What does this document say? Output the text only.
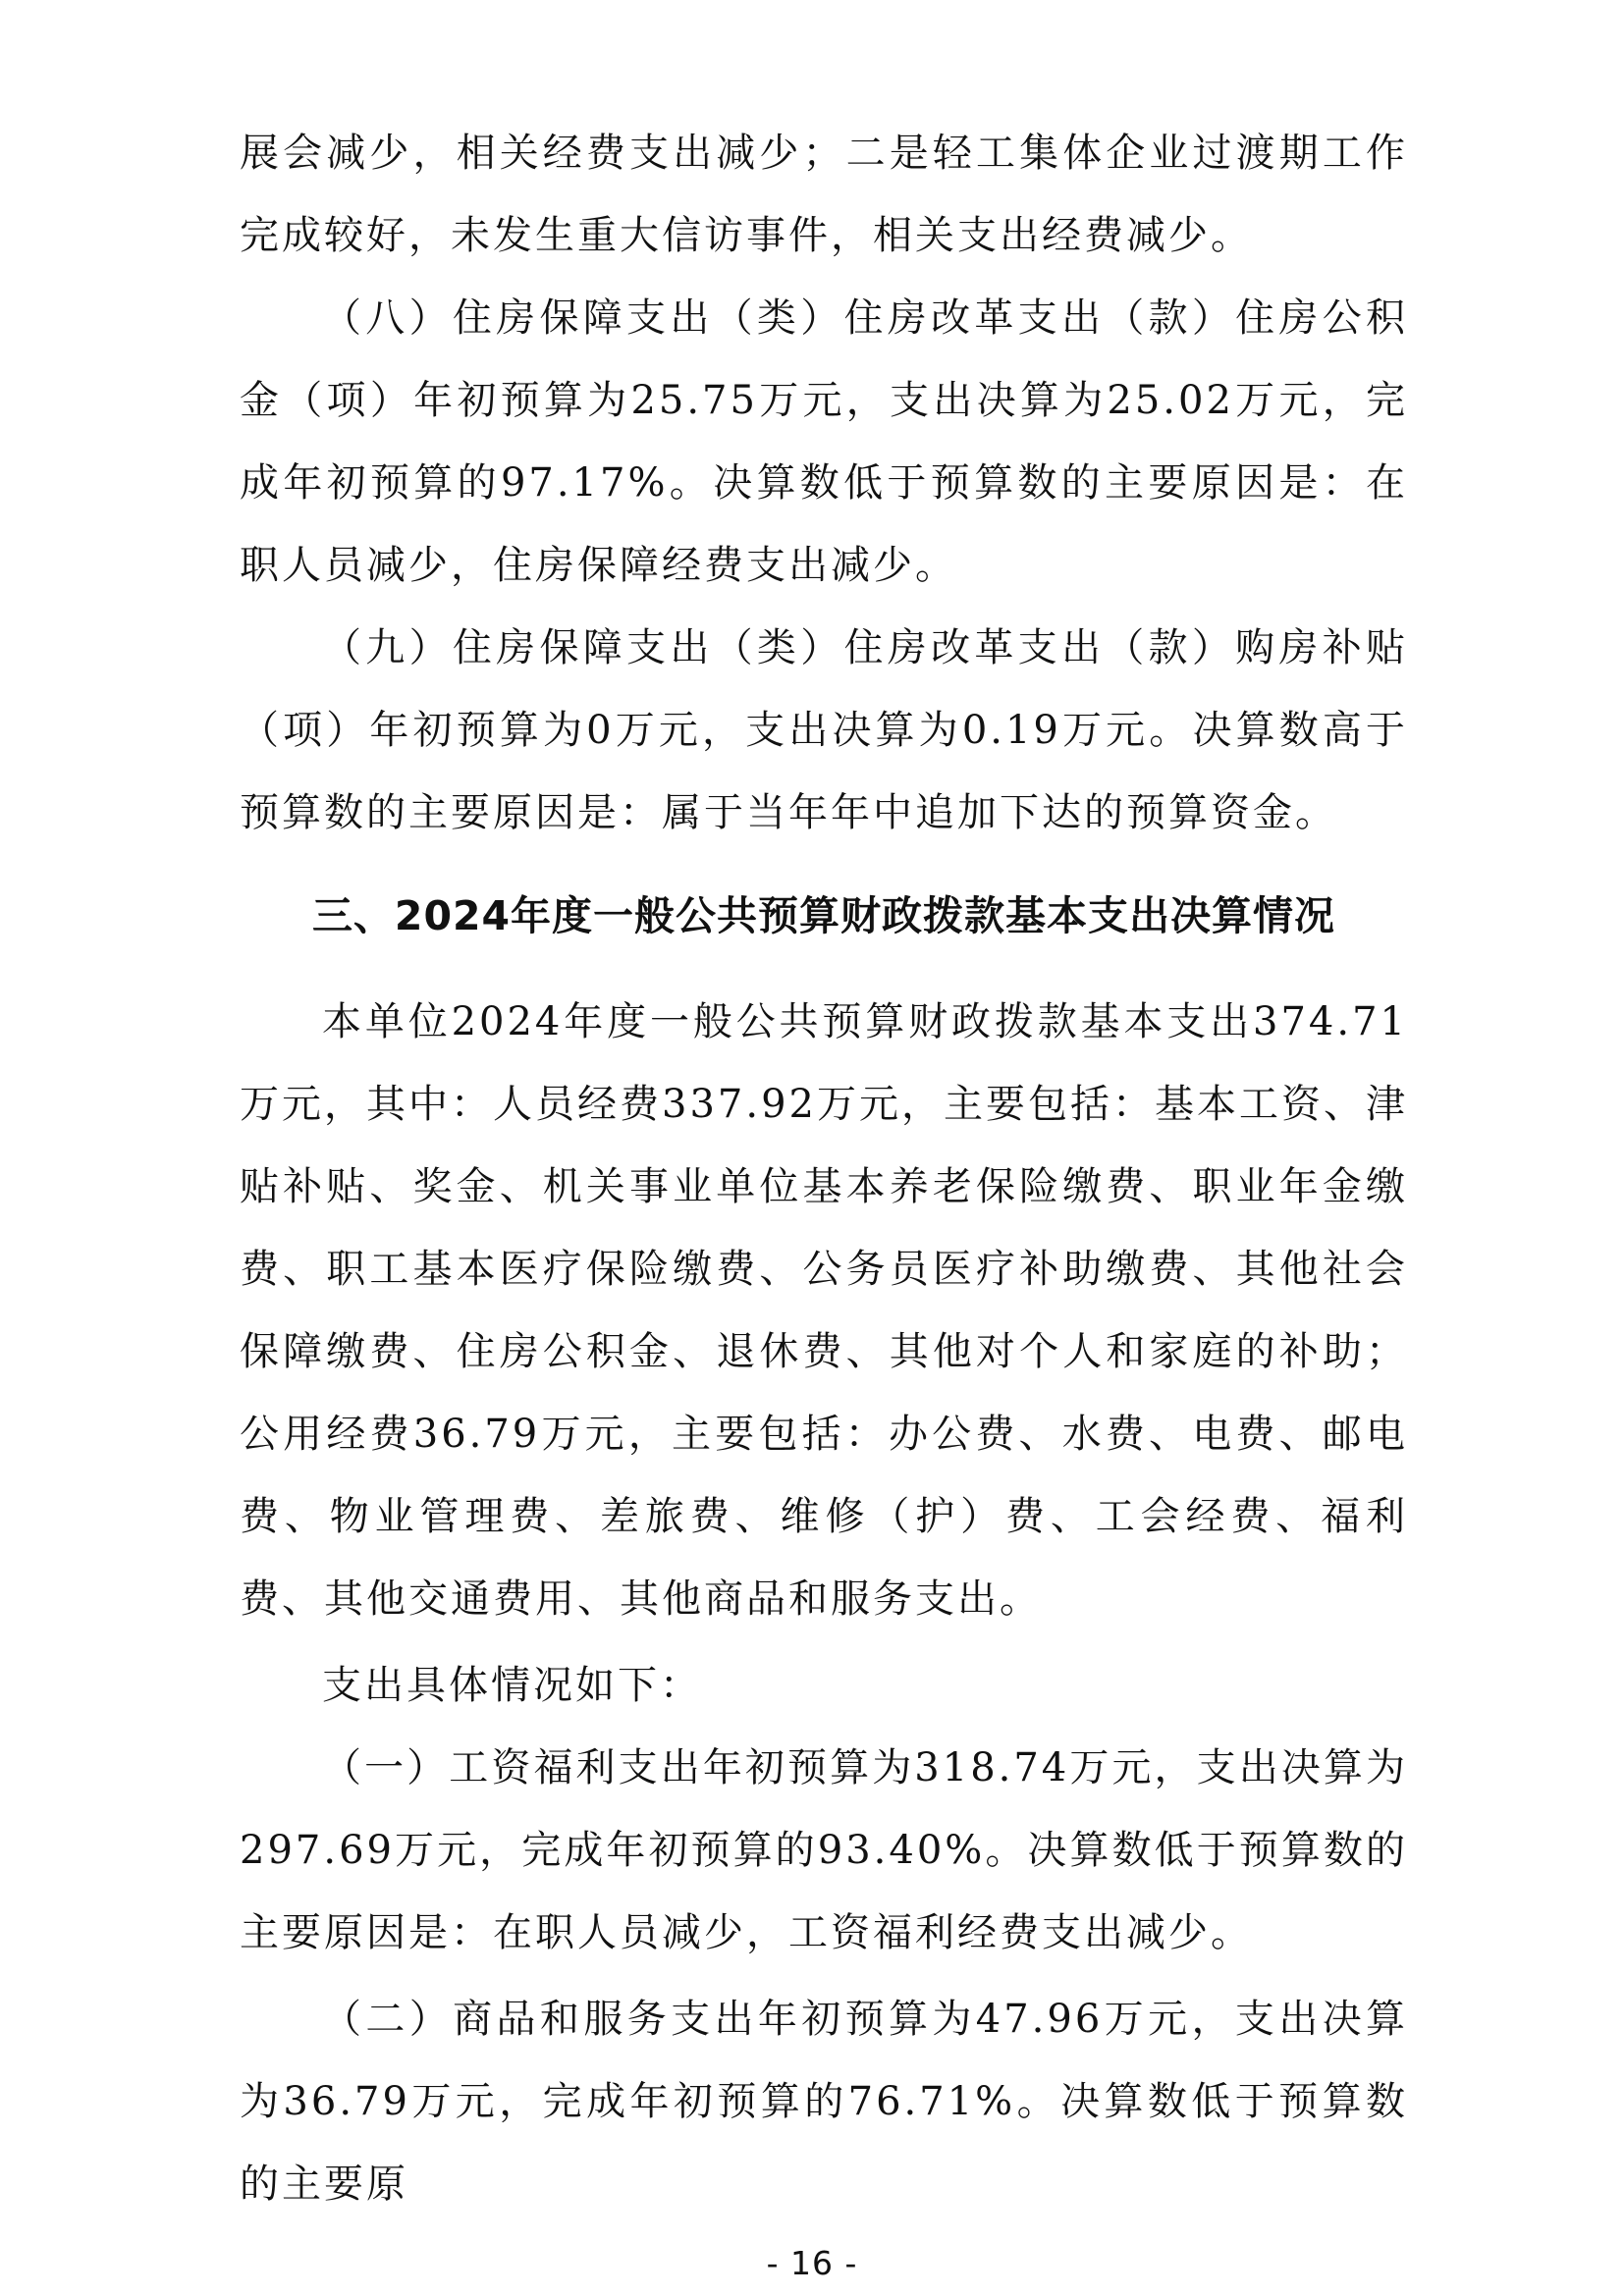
展会减少，相关经费支出减少；二是轻工集体企业过渡期工作完成较好，未发生重大信访事件，相关支出经费减少。

（八）住房保障支出（类）住房改革支出（款）住房公积金（项）年初预算为25.75万元，支出决算为25.02万元，完成年初预算的97.17%。决算数低于预算数的主要原因是：在职人员减少，住房保障经费支出减少。

（九）住房保障支出（类）住房改革支出（款）购房补贴（项）年初预算为0万元，支出决算为0.19万元。决算数高于预算数的主要原因是：属于当年年中追加下达的预算资金。

三、2024年度一般公共预算财政拨款基本支出决算情况

本单位2024年度一般公共预算财政拨款基本支出374.71万元，其中：人员经费337.92万元，主要包括：基本工资、津贴补贴、奖金、机关事业单位基本养老保险缴费、职业年金缴费、职工基本医疗保险缴费、公务员医疗补助缴费、其他社会保障缴费、住房公积金、退休费、其他对个人和家庭的补助；公用经费36.79万元，主要包括：办公费、水费、电费、邮电费、物业管理费、差旅费、维修（护）费、工会经费、福利费、其他交通费用、其他商品和服务支出。

支出具体情况如下：

（一）工资福利支出年初预算为318.74万元，支出决算为297.69万元，完成年初预算的93.40%。决算数低于预算数的主要原因是：在职人员减少，工资福利经费支出减少。

（二）商品和服务支出年初预算为47.96万元，支出决算为36.79万元，完成年初预算的76.71%。决算数低于预算数的主要原

- 16 -
